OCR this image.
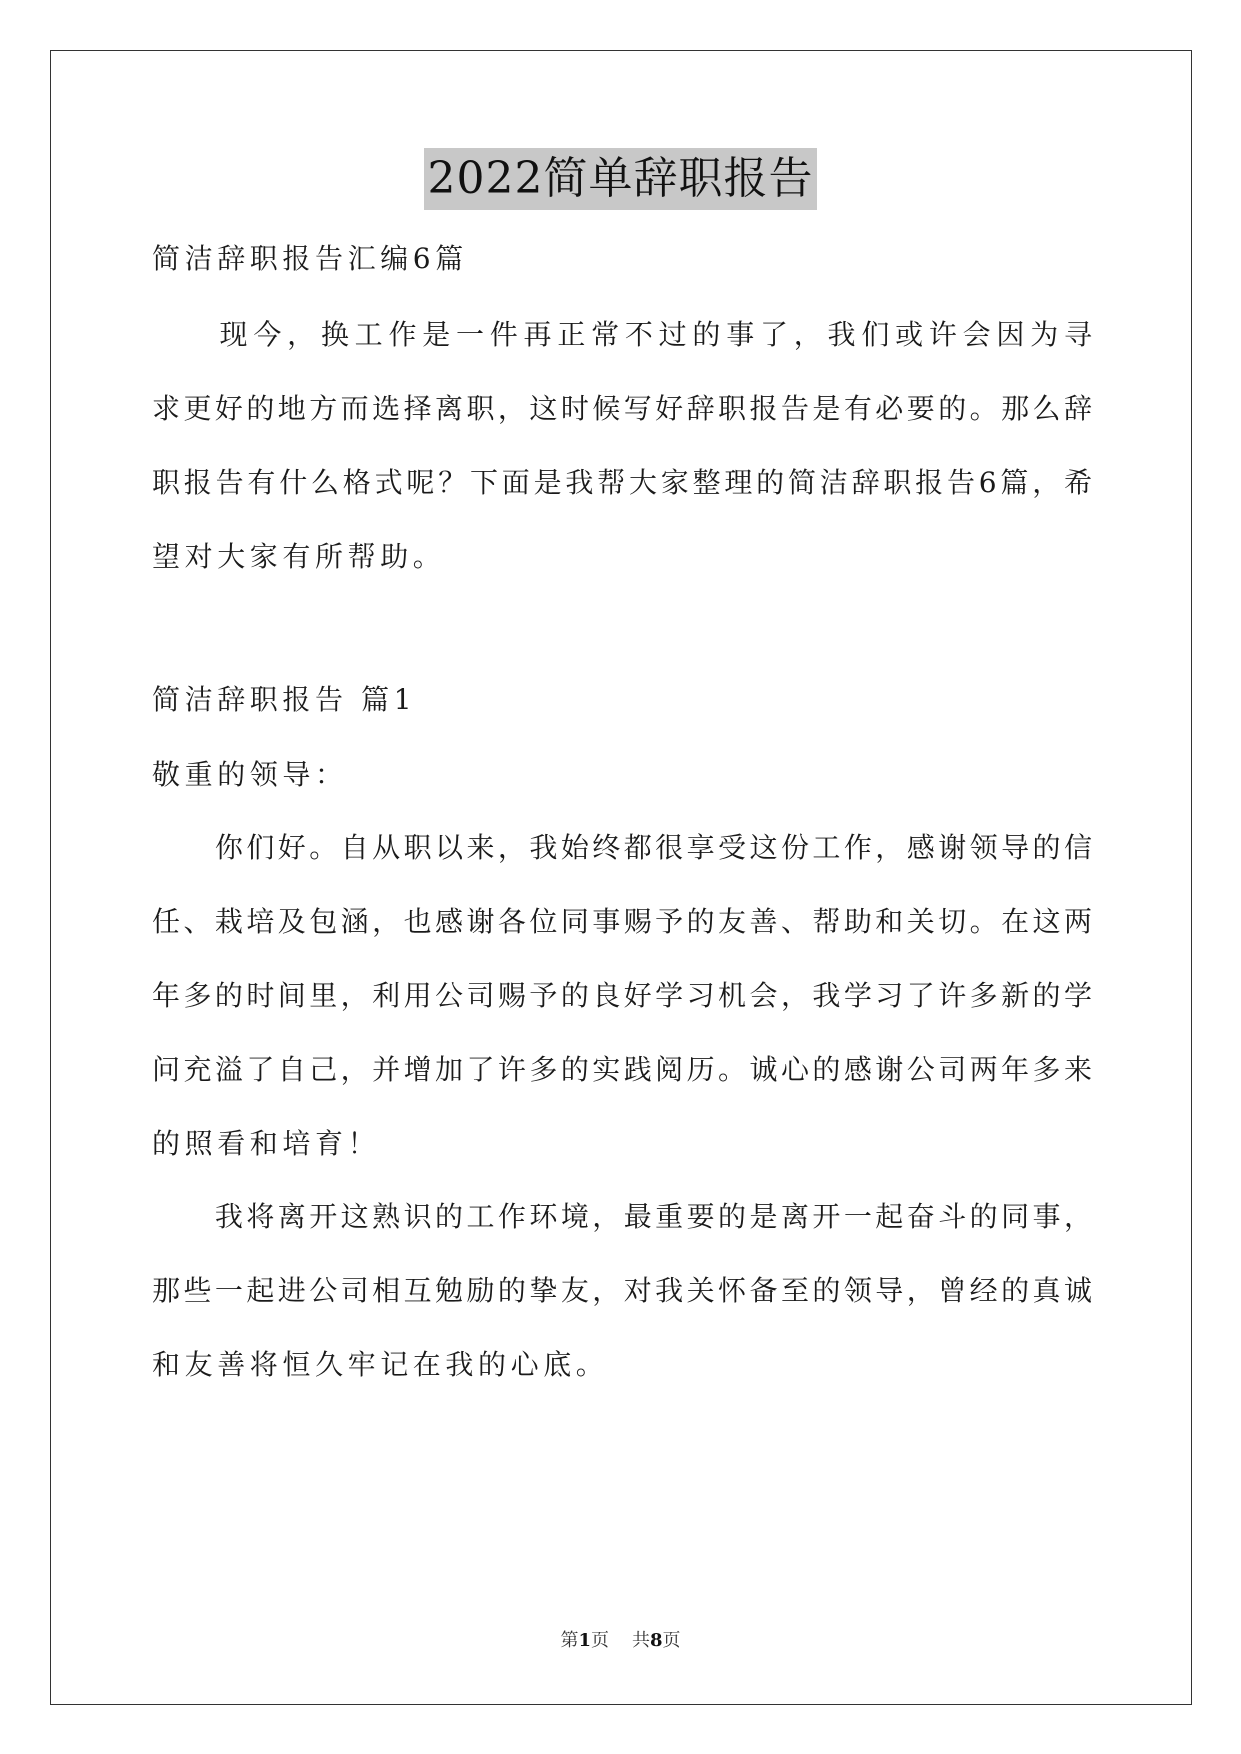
2022简单辞职报告
简洁辞职报告汇编6篇
　　现今，换工作是一件再正常不过的事了，我们或许会因为寻
求更好的地方而选择离职，这时候写好辞职报告是有必要的。那么辞
职报告有什么格式呢？下面是我帮大家整理的简洁辞职报告6篇，希
望对大家有所帮助。
简洁辞职报告 篇1
敬重的领导：
　　你们好。自从职以来，我始终都很享受这份工作，感谢领导的信
任、栽培及包涵，也感谢各位同事赐予的友善、帮助和关切。在这两
年多的时间里，利用公司赐予的良好学习机会，我学习了许多新的学
问充溢了自己，并增加了许多的实践阅历。诚心的感谢公司两年多来
的照看和培育！
　　我将离开这熟识的工作环境，最重要的是离开一起奋斗的同事，
那些一起进公司相互勉励的挚友，对我关怀备至的领导，曾经的真诚
和友善将恒久牢记在我的心底。
第1页 共8页
